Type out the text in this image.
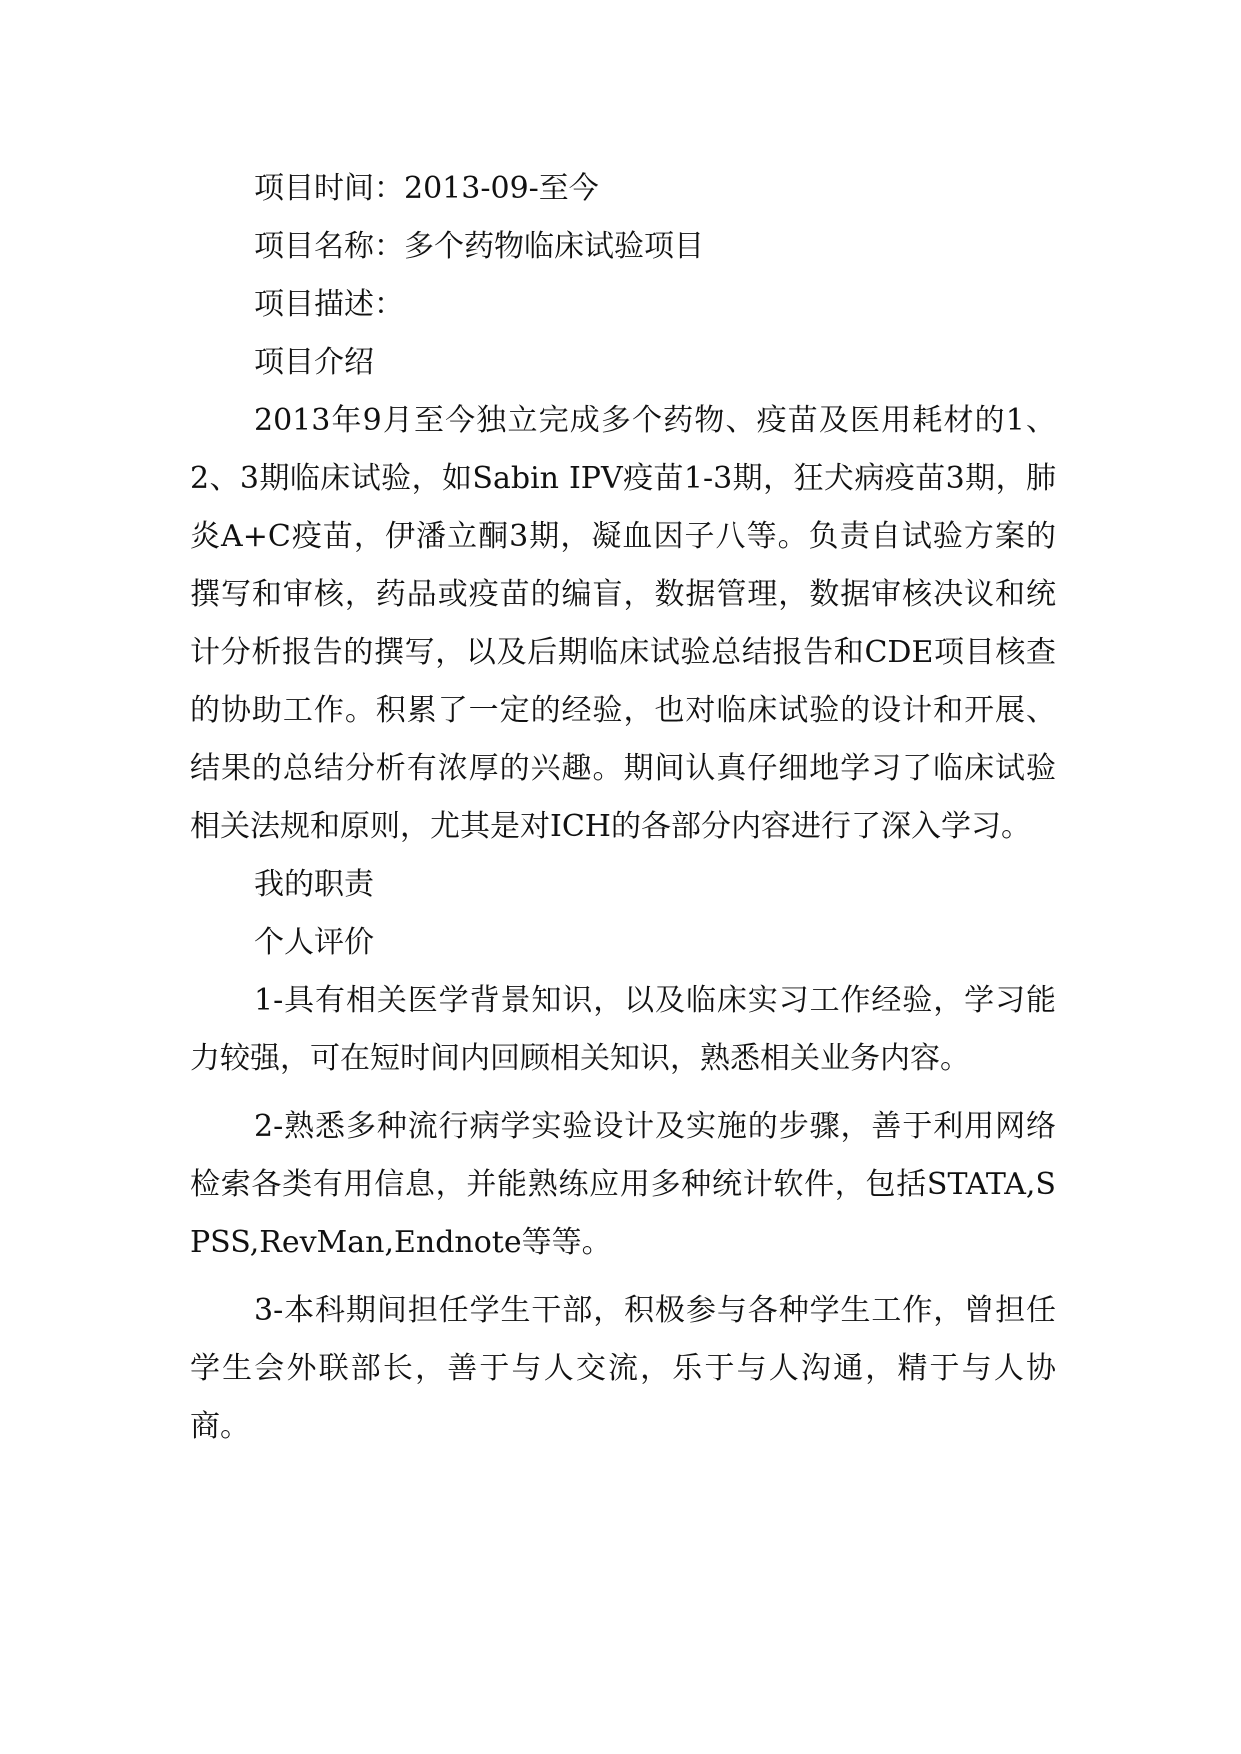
项目时间：2013-09-至今

项目名称：多个药物临床试验项目

项目描述：

项目介绍

2013年9月至今独立完成多个药物、疫苗及医用耗材的1、2、3期临床试验，如Sabin IPV疫苗1-3期，狂犬病疫苗3期，肺炎A+C疫苗，伊潘立酮3期，凝血因子八等。负责自试验方案的撰写和审核，药品或疫苗的编盲，数据管理，数据审核决议和统计分析报告的撰写，以及后期临床试验总结报告和CDE项目核查的协助工作。积累了一定的经验，也对临床试验的设计和开展、结果的总结分析有浓厚的兴趣。期间认真仔细地学习了临床试验相关法规和原则，尤其是对ICH的各部分内容进行了深入学习。

我的职责

个人评价

1-具有相关医学背景知识，以及临床实习工作经验，学习能力较强，可在短时间内回顾相关知识，熟悉相关业务内容。

2-熟悉多种流行病学实验设计及实施的步骤，善于利用网络检索各类有用信息，并能熟练应用多种统计软件，包括STATA,SPSS,RevMan,Endnote等等。

3-本科期间担任学生干部，积极参与各种学生工作，曾担任学生会外联部长，善于与人交流，乐于与人沟通，精于与人协商。
